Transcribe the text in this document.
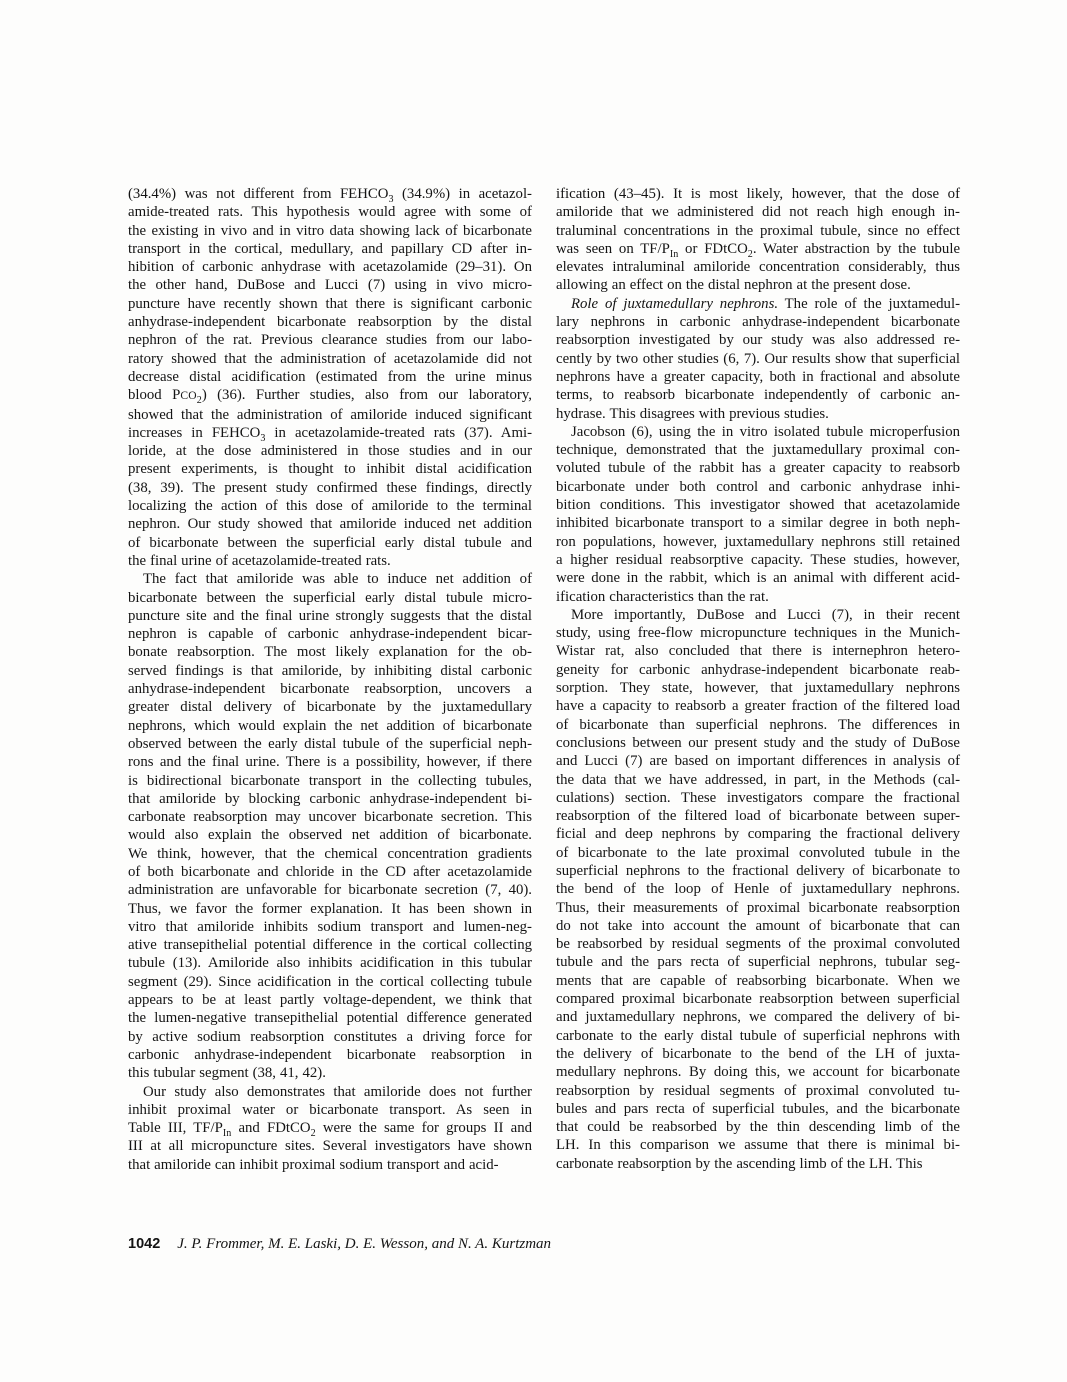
(34.4%) was not different from $FEHCO_3$ (34.9%) in acetazol-
amide-treated rats. This hypothesis would agree with some of
the existing in vivo and in vitro data showing lack of bicarbonate
transport in the cortical, medullary, and papillary CD after in-
hibition of carbonic anhydrase with acetazolamide (29–31). On
the other hand, DuBose and Lucci (7) using in vivo micro-
puncture have recently shown that there is significant carbonic
anhydrase-independent bicarbonate reabsorption by the distal
nephron of the rat. Previous clearance studies from our labo-
ratory showed that the administration of acetazolamide did not
decrease distal acidification (estimated from the urine minus
blood $PCO_2$) (36). Further studies, also from our laboratory,
showed that the administration of amiloride induced significant
increases in $FEHCO_3$ in acetazolamide-treated rats (37). Ami-
loride, at the dose administered in those studies and in our
present experiments, is thought to inhibit distal acidification
(38, 39). The present study confirmed these findings, directly
localizing the action of this dose of amiloride to the terminal
nephron. Our study showed that amiloride induced net addition
of bicarbonate between the superficial early distal tubule and
the final urine of acetazolamide-treated rats.
The fact that amiloride was able to induce net addition of
bicarbonate between the superficial early distal tubule micro-
puncture site and the final urine strongly suggests that the distal
nephron is capable of carbonic anhydrase-independent bicar-
bonate reabsorption. The most likely explanation for the ob-
served findings is that amiloride, by inhibiting distal carbonic
anhydrase-independent bicarbonate reabsorption, uncovers a
greater distal delivery of bicarbonate by the juxtamedullary
nephrons, which would explain the net addition of bicarbonate
observed between the early distal tubule of the superficial neph-
rons and the final urine. There is a possibility, however, if there
is bidirectional bicarbonate transport in the collecting tubules,
that amiloride by blocking carbonic anhydrase-independent bi-
carbonate reabsorption may uncover bicarbonate secretion. This
would also explain the observed net addition of bicarbonate.
We think, however, that the chemical concentration gradients
of both bicarbonate and chloride in the CD after acetazolamide
administration are unfavorable for bicarbonate secretion (7, 40).
Thus, we favor the former explanation. It has been shown in
vitro that amiloride inhibits sodium transport and lumen-neg-
ative transepithelial potential difference in the cortical collecting
tubule (13). Amiloride also inhibits acidification in this tubular
segment (29). Since acidification in the cortical collecting tubule
appears to be at least partly voltage-dependent, we think that
the lumen-negative transepithelial potential difference generated
by active sodium reabsorption constitutes a driving force for
carbonic anhydrase-independent bicarbonate reabsorption in
this tubular segment (38, 41, 42).
Our study also demonstrates that amiloride does not further
inhibit proximal water or bicarbonate transport. As seen in
Table III, $TF/P_{In}$ and FDtCO$_2$ were the same for groups II and
III at all micropuncture sites. Several investigators have shown
that amiloride can inhibit proximal sodium transport and acid-
ification (43–45). It is most likely, however, that the dose of
amiloride that we administered did not reach high enough in-
traluminal concentrations in the proximal tubule, since no effect
was seen on $TF/P_{In}$ or FDtCO$_2$. Water abstraction by the tubule
elevates intraluminal amiloride concentration considerably, thus
allowing an effect on the distal nephron at the present dose.
Role of juxtamedullary nephrons. The role of the juxtamedul-
lary nephrons in carbonic anhydrase-independent bicarbonate
reabsorption investigated by our study was also addressed re-
cently by two other studies (6, 7). Our results show that superficial
nephrons have a greater capacity, both in fractional and absolute
terms, to reabsorb bicarbonate independently of carbonic an-
hydrase. This disagrees with previous studies.
Jacobson (6), using the in vitro isolated tubule microperfusion
technique, demonstrated that the juxtamedullary proximal con-
voluted tubule of the rabbit has a greater capacity to reabsorb
bicarbonate under both control and carbonic anhydrase inhi-
bition conditions. This investigator showed that acetazolamide
inhibited bicarbonate transport to a similar degree in both neph-
ron populations, however, juxtamedullary nephrons still retained
a higher residual reabsorptive capacity. These studies, however,
were done in the rabbit, which is an animal with different acid-
ification characteristics than the rat.
More importantly, DuBose and Lucci (7), in their recent
study, using free-flow micropuncture techniques in the Munich-
Wistar rat, also concluded that there is internephron hetero-
geneity for carbonic anhydrase-independent bicarbonate reab-
sorption. They state, however, that juxtamedullary nephrons
have a capacity to reabsorb a greater fraction of the filtered load
of bicarbonate than superficial nephrons. The differences in
conclusions between our present study and the study of DuBose
and Lucci (7) are based on important differences in analysis of
the data that we have addressed, in part, in the Methods (cal-
culations) section. These investigators compare the fractional
reabsorption of the filtered load of bicarbonate between super-
ficial and deep nephrons by comparing the fractional delivery
of bicarbonate to the late proximal convoluted tubule in the
superficial nephrons to the fractional delivery of bicarbonate to
the bend of the loop of Henle of juxtamedullary nephrons.
Thus, their measurements of proximal bicarbonate reabsorption
do not take into account the amount of bicarbonate that can
be reabsorbed by residual segments of the proximal convoluted
tubule and the pars recta of superficial nephrons, tubular seg-
ments that are capable of reabsorbing bicarbonate. When we
compared proximal bicarbonate reabsorption between superficial
and juxtamedullary nephrons, we compared the delivery of bi-
carbonate to the early distal tubule of superficial nephrons with
the delivery of bicarbonate to the bend of the LH of juxta-
medullary nephrons. By doing this, we account for bicarbonate
reabsorption by residual segments of proximal convoluted tu-
bules and pars recta of superficial tubules, and the bicarbonate
that could be reabsorbed by the thin descending limb of the
LH. In this comparison we assume that there is minimal bi-
carbonate reabsorption by the ascending limb of the LH. This
1042 J. P. Frommer, M. E. Laski, D. E. Wesson, and N. A. Kurtzman
